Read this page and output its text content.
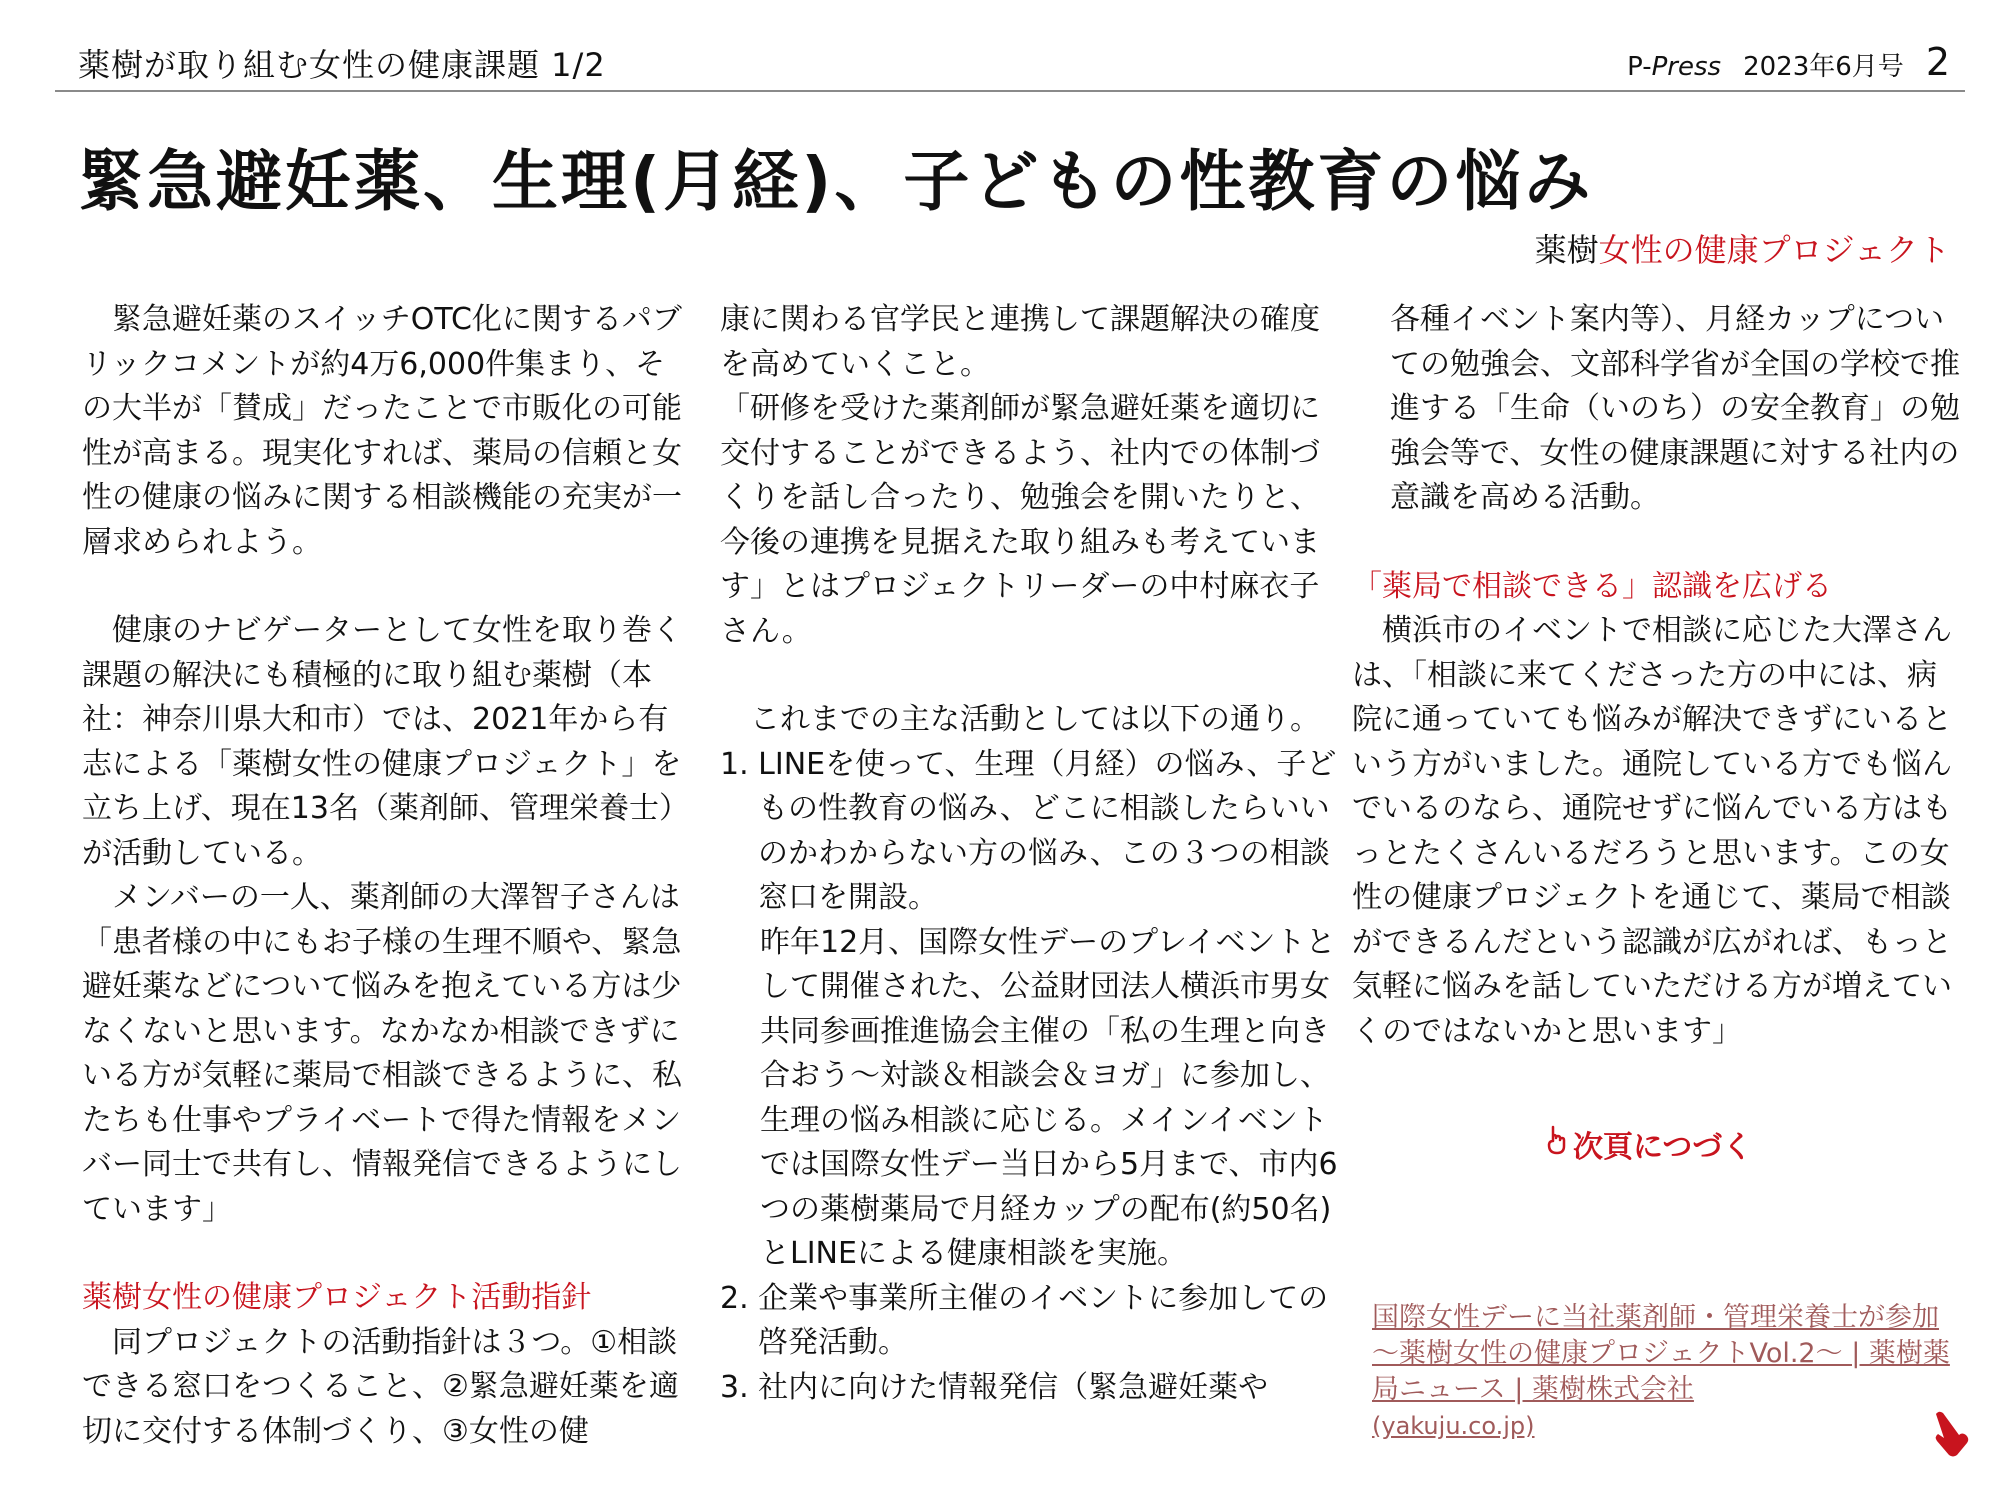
薬樹が取り組む女性の健康課題 1/2	P-Press 2023年6月号 2
緊急避妊薬、生理(月経)、子どもの性教育の悩み
薬樹女性の健康プロジェクト

緊急避妊薬のスイッチOTC化に関するパブリックコメントが約4万6,000件集まり、その大半が「賛成」だったことで市販化の可能性が高まる。現実化すれば、薬局の信頼と女性の健康の悩みに関する相談機能の充実が一層求められよう。

健康のナビゲーターとして女性を取り巻く課題の解決にも積極的に取り組む薬樹（本社：神奈川県大和市）では、2021年から有志による「薬樹女性の健康プロジェクト」を立ち上げ、現在13名（薬剤師、管理栄養士）が活動している。

メンバーの一人、薬剤師の大澤智子さんは「患者様の中にもお子様の生理不順や、緊急避妊薬などについて悩みを抱えている方は少なくないと思います。なかなか相談できずにいる方が気軽に薬局で相談できるように、私たちも仕事やプライベートで得た情報をメンバー同士で共有し、情報発信できるようにしています」

薬樹女性の健康プロジェクト活動指針

同プロジェクトの活動指針は３つ。①相談できる窓口をつくること、②緊急避妊薬を適切に交付する体制づくり、③女性の健

康に関わる官学民と連携して課題解決の確度を高めていくこと。

「研修を受けた薬剤師が緊急避妊薬を適切に交付することができるよう、社内での体制づくりを話し合ったり、勉強会を開いたりと、今後の連携を見据えた取り組みも考えています」とはプロジェクトリーダーの中村麻衣子さん。

これまでの主な活動としては以下の通り。

1. LINEを使って、生理（月経）の悩み、子どもの性教育の悩み、どこに相談したらいいのかわからない方の悩み、この３つの相談窓口を開設。

昨年12月、国際女性デーのプレイベントとして開催された、公益財団法人横浜市男女共同参画推進協会主催の「私の生理と向き合おう～対談＆相談会＆ヨガ」に参加し、生理の悩み相談に応じる。メインイベントでは国際女性デー当日から5月まで、市内6つの薬樹薬局で月経カップの配布(約50名)とLINEによる健康相談を実施。

2. 企業や事業所主催のイベントに参加しての啓発活動。

3. 社内に向けた情報発信（緊急避妊薬や

各種イベント案内等）、月経カップについての勉強会、文部科学省が全国の学校で推進する「生命（いのち）の安全教育」の勉強会等で、女性の健康課題に対する社内の意識を高める活動。

「薬局で相談できる」認識を広げる

横浜市のイベントで相談に応じた大澤さんは、「相談に来てくださった方の中には、病院に通っていても悩みが解決できずにいるという方がいました。通院している方でも悩んでいるのなら、通院せずに悩んでいる方はもっとたくさんいるだろうと思います。この女性の健康プロジェクトを通じて、薬局で相談ができるんだという認識が広がれば、もっと気軽に悩みを話していただける方が増えていくのではないかと思います」

次頁につづく
国際女性デーに当社薬剤師・管理栄養士が参加～薬樹女性の健康プロジェクトVol.2～ | 薬樹薬局ニュース | 薬樹株式会社
(yakuju.co.jp)
